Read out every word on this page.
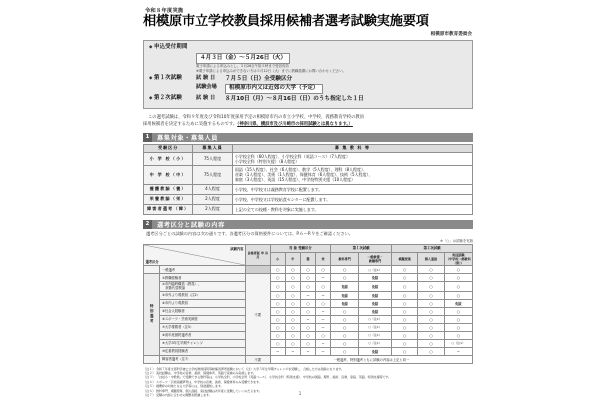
令和８年度実施
相模原市立学校教員採用候補者選考試験実施要項
相模原市教育委員会
◆ 申込受付期間
４月３日（金）～５月26日（火）
電子申請による申込みとし、５月26日午後５時まで受信有効
※電子申請による申込みができない方は５月12日（火）までに教職員課にお問い合わせください。
◆ 第１次試験	試 験 日	７月５日（日）全受験区分
試験会場	相模原市内又は近郊の大学（予定）
◆ 第２次試験	試 験 日	８月10日（月）～８月16日（日）のうち指定した１日
この選考試験は、令和９年度及び令和10年度採用予定の相模原市内の市立小学校、中学校、義務教育学校の教員
採用候補者を決定するために実施するものです。（神奈川県、横浜市及び川崎市の採用試験とは異なります。）
1	募集対象・募集人員
受験区分	募集人員	募 集 教 科 等
小 学 校（小）	75人程度	小学校全科（60人程度）、小学校全科（英語コース）（7人程度）
小学校全科（特別支援）（8人程度）
中 学 校（中）	75人程度	国語（15人程度）、社会（6人程度）、数学（5人程度）、理科（8人程度）、
音楽（1人程度）、美術（1人程度）、保健体育（6人程度）、技術（5人程度）、
家庭（3人程度）、英語（15人程度）、中学校特別支援（10人程度）
養護教諭（養）	4人程度	小学校、中学校又は義務教育学校に配置します。
栄養教諭（栄）	2人程度	小学校、中学校又は学校給食センターに配置します。
障害者選考（障）	2人程度	上記の全ての校種・教科を対象に実施します。
2	選考区分と試験の内容
選考区分ごとの試験の内容は次の通りです。各選考区分の資格要件については、P.６～P.９をご確認ください。
※「○」は試験を実施
試験内容
選考区分		自格者証 申 出 月	対 象 受験区分				第１次試験		第２次試験		
			小	中	養	栄	教科専門	一般教養・
教職専門	模擬授業	個人面接	実技試験
（中学校一部教科
（保））
	一般選考		○	○	○	○	○	○（注1）	○	○	○
特
別
選
考	①教職経験者	不要	○	○	○	−	○	免除	○	○	○
	②市内臨時職員（教員）、
　常勤代替教諭		○	○	○	○	免除	免除	○	○	○
	③市外より現教員（注2）		○	○	−	−	免除	免除	○	○	○
	④市内より現教員		○	○	○	○	免除	免除	○	○	免除
	⑤社会人経験者		○	○	○	−	○	免除	○	○	○
	⑥スポーツ・芸術実績者		○	○	−	−	○	○（注1）	○	○	○
	⑦大学推薦者（注5）		○	○	○	−	○	○（注1）	○	○	○
	⑧前年度最終選考者		○	○	○	○	○	○（注1）	○	○	○
	⑨大学3年生早期チャレンジ		○	○	○	−	○	○（注1）	○	○	○（注1）
	⑩定着教員経験者		−	−	−	−	○	免除	○	○	−
	障害者選考（注7）	不要	一般選考、特別選考ともに試験の内容は上記と同一								
（注１） 令和７年度文部科学省公立学校教員採用等候補者選考試験において（注）大学３年生早期チャレンジを受験し、合格した方は免除になります。
（注２） 実技試験は、中学校の音楽、美術、保健体育、英語で実施のみ実施します。
（注３） 「ほぼ小・中教員」で受験できる教科等は、小学校全科、小学校全科（英語コース）、小学校全科（特別支援）、中学校の国語、理科、美術、音楽、家庭、英語、特別支援等です。
（注４） スポーツ・芸術実績選考は、中学校の音楽、美術、保健体育のみ受験できます。
（注５） 推薦枠の対象となる大学等には、別途通知します。
（注６） 教科専門、模擬授業、個人面接、実技試験は次年度に受験していくのだよます。
（注７） 受験の内容に合わせの調整を配慮します。	1
